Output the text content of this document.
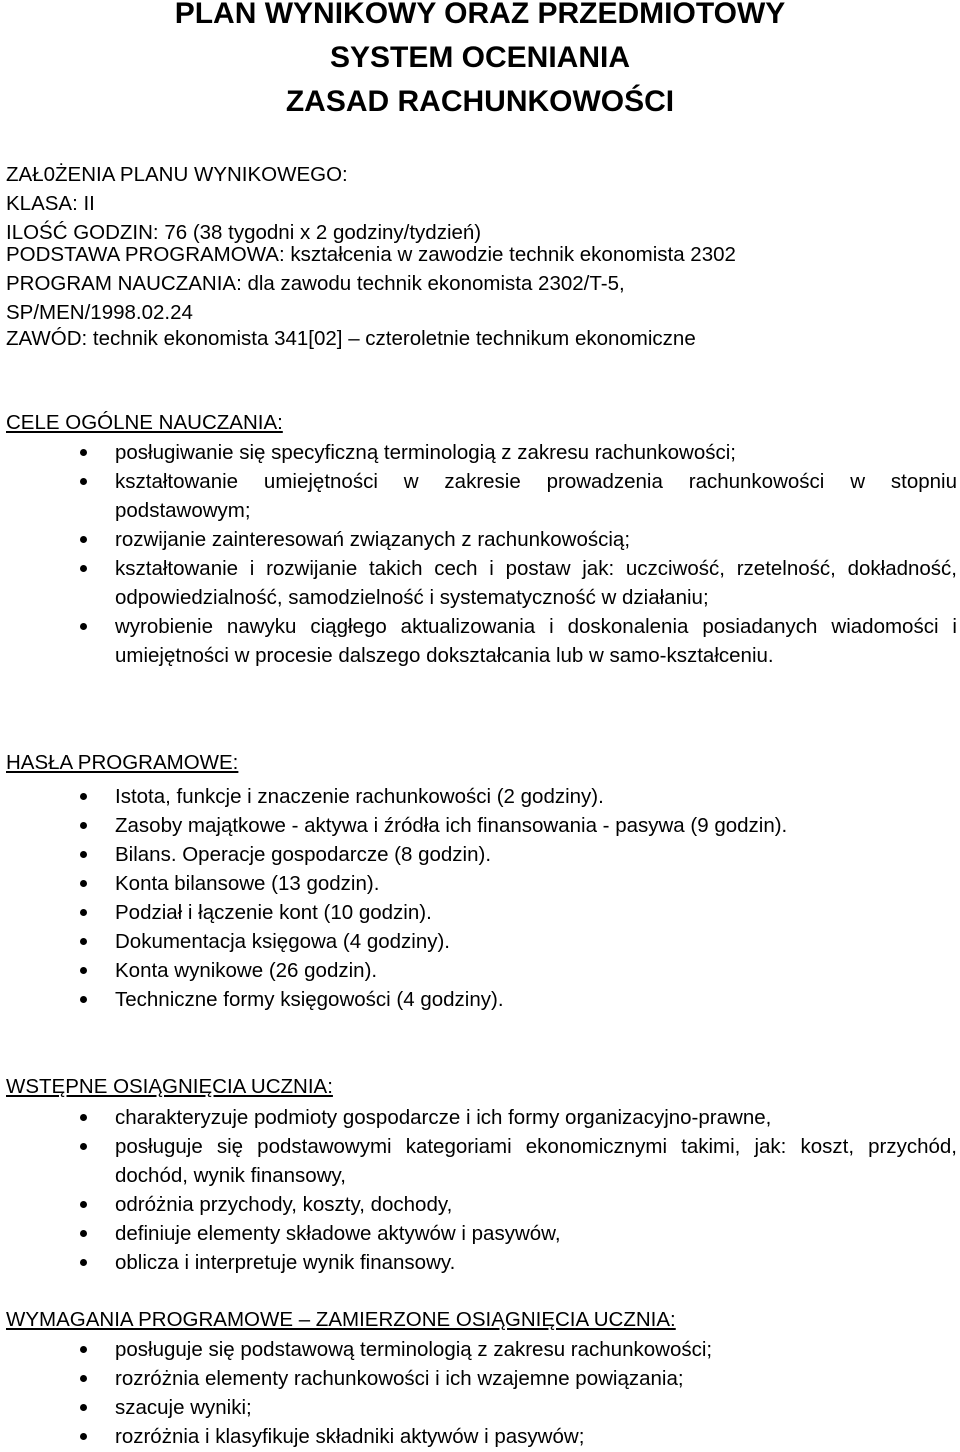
PLAN WYNIKOWY ORAZ PRZEDMIOTOWY
SYSTEM OCENIANIA
ZASAD RACHUNKOWOŚCI
ZAŁ0ŻENIA PLANU WYNIKOWEGO:
KLASA: II
ILOŚĆ GODZIN: 76 (38 tygodni x 2 godziny/tydzień)
PODSTAWA PROGRAMOWA: kształcenia w zawodzie technik ekonomista 2302
PROGRAM NAUCZANIA: dla zawodu technik ekonomista 2302/T-5,
SP/MEN/1998.02.24
ZAWÓD: technik ekonomista 341[02] – czteroletnie technikum ekonomiczne
CELE OGÓLNE NAUCZANIA:
posługiwanie się specyficzną terminologią z zakresu rachunkowości;
kształtowanie umiejętności w zakresie prowadzenia rachunkowości w stopniu podstawowym;
rozwijanie zainteresowań związanych z rachunkowością;
kształtowanie i rozwijanie takich cech i postaw jak: uczciwość, rzetelność, dokładność, odpowiedzialność, samodzielność i systematyczność w działaniu;
wyrobienie nawyku ciągłego aktualizowania i doskonalenia posiadanych wiadomości i umiejętności w procesie dalszego dokształcania lub w samo-kształceniu.
HASŁA PROGRAMOWE:
Istota, funkcje i znaczenie rachunkowości (2 godziny).
Zasoby majątkowe - aktywa i źródła ich finansowania - pasywa (9 godzin).
Bilans. Operacje gospodarcze (8 godzin).
Konta bilansowe (13 godzin).
Podział i łączenie kont (10 godzin).
Dokumentacja księgowa (4 godziny).
Konta wynikowe (26 godzin).
Techniczne formy księgowości (4 godziny).
WSTĘPNE OSIĄGNIĘCIA UCZNIA:
charakteryzuje podmioty gospodarcze i ich formy organizacyjno-prawne,
posługuje się podstawowymi kategoriami ekonomicznymi takimi, jak: koszt, przychód, dochód, wynik finansowy,
odróżnia przychody, koszty, dochody,
definiuje elementy składowe aktywów i pasywów,
oblicza i interpretuje wynik finansowy.
WYMAGANIA PROGRAMOWE – ZAMIERZONE OSIĄGNIĘCIA UCZNIA:
posługuje się podstawową terminologią z zakresu rachunkowości;
rozróżnia elementy rachunkowości i ich wzajemne powiązania;
szacuje wyniki;
rozróżnia i klasyfikuje składniki aktywów i pasywów;
